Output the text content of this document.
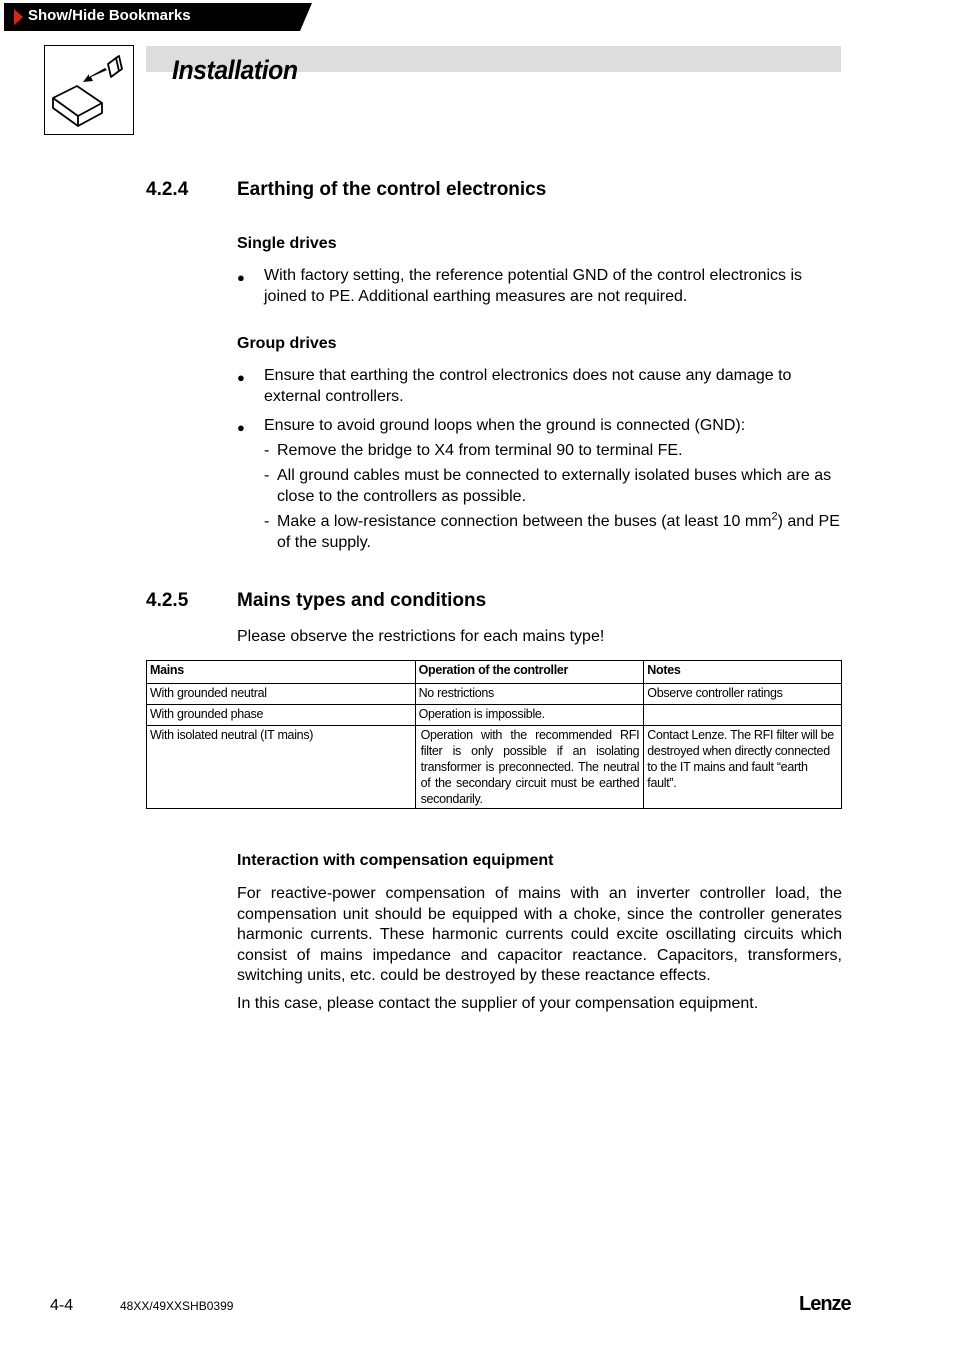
Show/Hide Bookmarks
Installation
4.2.4	Earthing of the control electronics
Single drives
● With factory setting, the reference potential GND of the control electronics is joined to PE. Additional earthing measures are not required.
Group drives
● Ensure that earthing the control electronics does not cause any damage to external controllers.
● Ensure to avoid ground loops when the ground is connected (GND):
- Remove the bridge to X4 from terminal 90 to terminal FE.
- All ground cables must be connected to externally isolated buses which are as close to the controllers as possible.
- Make a low-resistance connection between the buses (at least 10 $mm^2$) and PE of the supply.
4.2.5	Mains types and conditions
Please observe the restrictions for each mains type!
Mains	Operation of the controller	Notes
With grounded neutral	No restrictions	Observe controller ratings
With grounded phase	Operation is impossible.	
With isolated neutral (IT mains)	Operation with the recommended RFI filter is only possible if an isolating transformer is preconnected. The neutral of the secondary circuit must be earthed secondarily.	Contact Lenze. The RFI filter will be destroyed when directly connected to the IT mains and fault “earth fault”.
Interaction with compensation equipment
For reactive-power compensation of mains with an inverter controller load, the compensation unit should be equipped with a choke, since the controller generates harmonic currents. These harmonic currents could excite oscillating circuits which consist of mains impedance and capacitor reactance. Capacitors, transformers, switching units, etc. could be destroyed by these reactance effects.
In this case, please contact the supplier of your compensation equipment.
4-4	48XX/49XXSHB0399	Lenze
